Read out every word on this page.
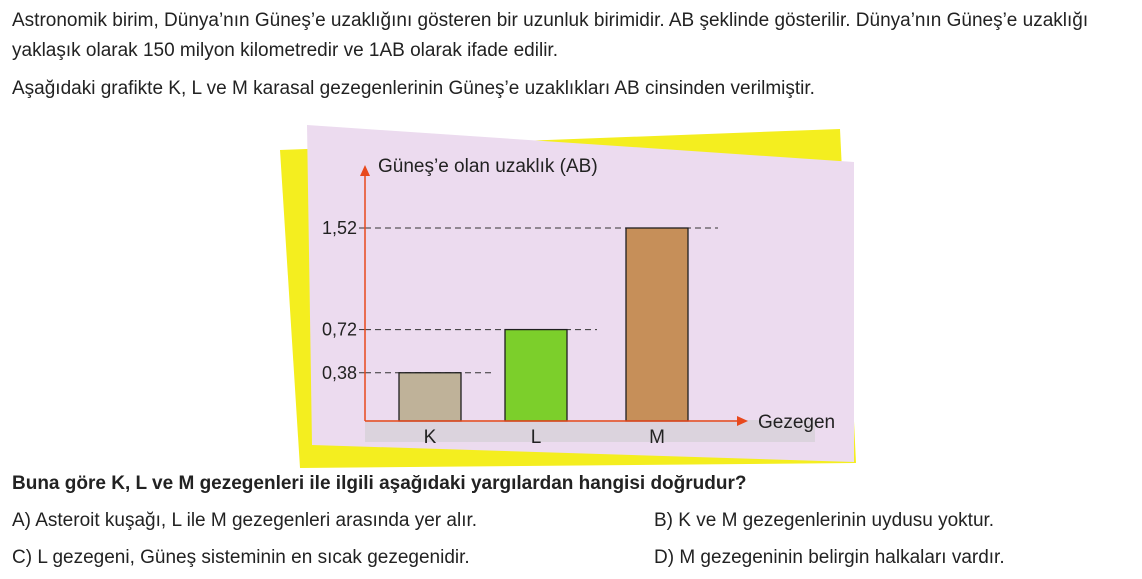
Astronomik birim, Dünya’nın Güneş’e uzaklığını gösteren bir uzunluk birimidir. AB şeklinde gösterilir. Dünya’nın Güneş’e uzaklığı yaklaşık olarak 150 milyon kilometredir ve 1AB olarak ifade edilir.
Aşağıdaki grafikte K, L ve M karasal gezegenlerinin Güneş’e uzaklıkları AB cinsinden verilmiştir.
0,38
0,72
1,52
Güneş’e olan uzaklık (AB)
Gezegen
K	L	M
Buna göre K, L ve M gezegenleri ile ilgili aşağıdaki yargılardan hangisi doğrudur?
A) Asteroit kuşağı, L ile M gezegenleri arasında yer alır.	B) K ve M gezegenlerinin uydusu yoktur.
C) L gezegeni, Güneş sisteminin en sıcak gezegenidir.	D) M gezegeninin belirgin halkaları vardır.
